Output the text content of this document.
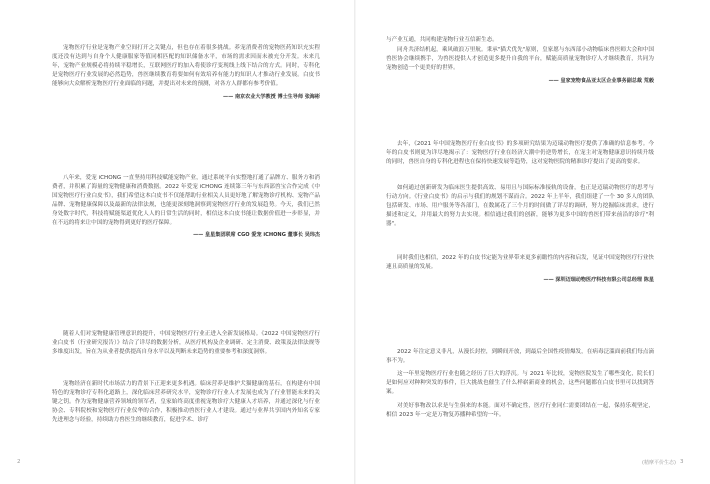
宠物医疗行业是宠物产业空间打开之关键点，但也存在着很多挑战。养宠消费者的宠物医药知识充实程度还没有达到与自身个人健康服家等值同相匹配的知识储备水平，市场的需求因而未被充分开发。未来几年，宠物产业规模必将持续平稳增长，互联网医疗的加入将使诊疗变现线上线下结合的方式。同时，专科化是宠物医疗行业发展的必然趋势，兽医继续教育将要如何有效培养有能力的知识人才推动行业发展。白皮书能够向大众解析宠物医疗行业面临的问题，并提出对未来的预测，对各方人群都有参考价值。

—— 南京农业大学教授 博士生导师 张海彬

八年来，爱宠 iCHONG 一直坚持用科技赋能宠物产业，通过系统平台实整地打通了品牌方、服务方和消费者，并积累了海量的宠物健康和消费数据。2022 年爱宠 iCHONG 连续第三年与东西部兽宝合作完成《中国宠物医疗行业白皮书》，我们希望这本白皮书不仅能帮助行业相关人员更好地了解宠物诊疗机构、宠物产品品牌、宠物健康保障以及最新的法律法规，也能更深刻地洞察到宠物医疗行业的发展趋势。今天，我们已然身处数字时代，科技将赋能渠道优化人人的日常生活的同时，相信这本白皮书能让数据价值进一步彰显，并在不远的将来让中国的宠物得到更好的医疗保障。

—— 皇星集团联席 CGO 爱宠 iCHONG 董事长 吴玮杰

随着人们对宠物健康管理意识的提升，中国宠物医疗行业正进入全新发展格局。《2022 中国宠物医疗行业白皮书（行业研究报告）》结合了详尽的数据分析，从医疗机构及企业调研、定主消费、政策及法律法规等多维度出发，旨在为从业者提供提高自身水平以及判断未来趋势的重要参考和深度洞察。

宠物经济在新时代市场活力的背景下正迎来更多机遇。临床营养是维护犬猫健康的基石，在构建有中国特色的宠物诊疗专科化道路上，深化临床营养研究水平，宠物诊疗行业人才发展也成为了行业智能未来的关键之钥。作为宠物健康营养领域的领军者，皇家始终高度重视宠物诊疗大健康人才培养，并通过深化与行业协会、专科院校和宠物医疗行业仪华的合作，积极推动兽医行业人才建设。通过与业界共享国内外知名专家先进理念与经验，持续助力兽医生的继续教育，促进学术、诊疗

2

与产业互通，共同构建宠物行业互信新生态。

同舟共济结机起，乘风破浪万里航。秉承"猫犬优先"原则，皇家愿与东西部小动物临床兽医师大会和中国兽医协会继续携手，为兽医提供人才创造更多提升自我的平台，赋能高质量宠物诊疗人才继续教育，共同为宠物创造一个更美好的世界。

—— 皇家宠物食品亚太区企业事务副总裁 荒毅

去年，《2021 年中国宠物医疗行业白皮书》的多项研究结果为迈瑞动物医疗提供了准确的信息参考。今年的白皮书则更为详尽地揭示了：宠物医疗行业在经济大潮中仍逆势增长，在宠主对宠物健康意识持续升级的同时，兽医自身的专科化进程也在保持快速发展等趋势，这对宠物医院的精准诊疗提出了更高的要求。

如何通过创新研发为临床医生提供高效、易用且与国际标准接轨的设备，也正是迈瑞动物医疗的思考与行动方向。《行业白皮书》的启示与我们的规划不谋而合。2022 年上半年，我们组建了一个 30 多人的团队包括研发、市场、用户服务等各部门，在数属花了三个月的时间做了详尽的调研，努力挖掘临床需求，进行描述和定义，并用最大的努力去实现。相信通过我们的创新，能够为更多中国的兽医们带来前沿的诊疗"利器"。

同时我们也相信，2022 年的白皮书定能为业界带来更多前瞻性的内容和启发，见证中国宠物医疗行业快速且高质量的发展。

—— 深圳迈瑞动物医疗科技有限公司总经理 陈星

2022 年注定意义非凡，从漫长封控，到瞬间开放，到最后全国性疫情爆发，在病毒泛滥面前我们每点滴事不为。

这一年里宠物医疗行业也随之经历了巨大的浮沉。与 2021 年比较，宠物医院发生了哪些变化，院长们是如何应对种种突发的事件，巨大挑战也催生了什么样崭新商业的机会，这些问题都在白皮书里可以找到答案。

对美好事物改以求是与生俱来的本能。面对不确定性，医疗行业同仁需要团结在一起，保持乐观坚定，相信 2023 年一定是万物复苏播种希望的一年。

(精摩平价生态) 3
